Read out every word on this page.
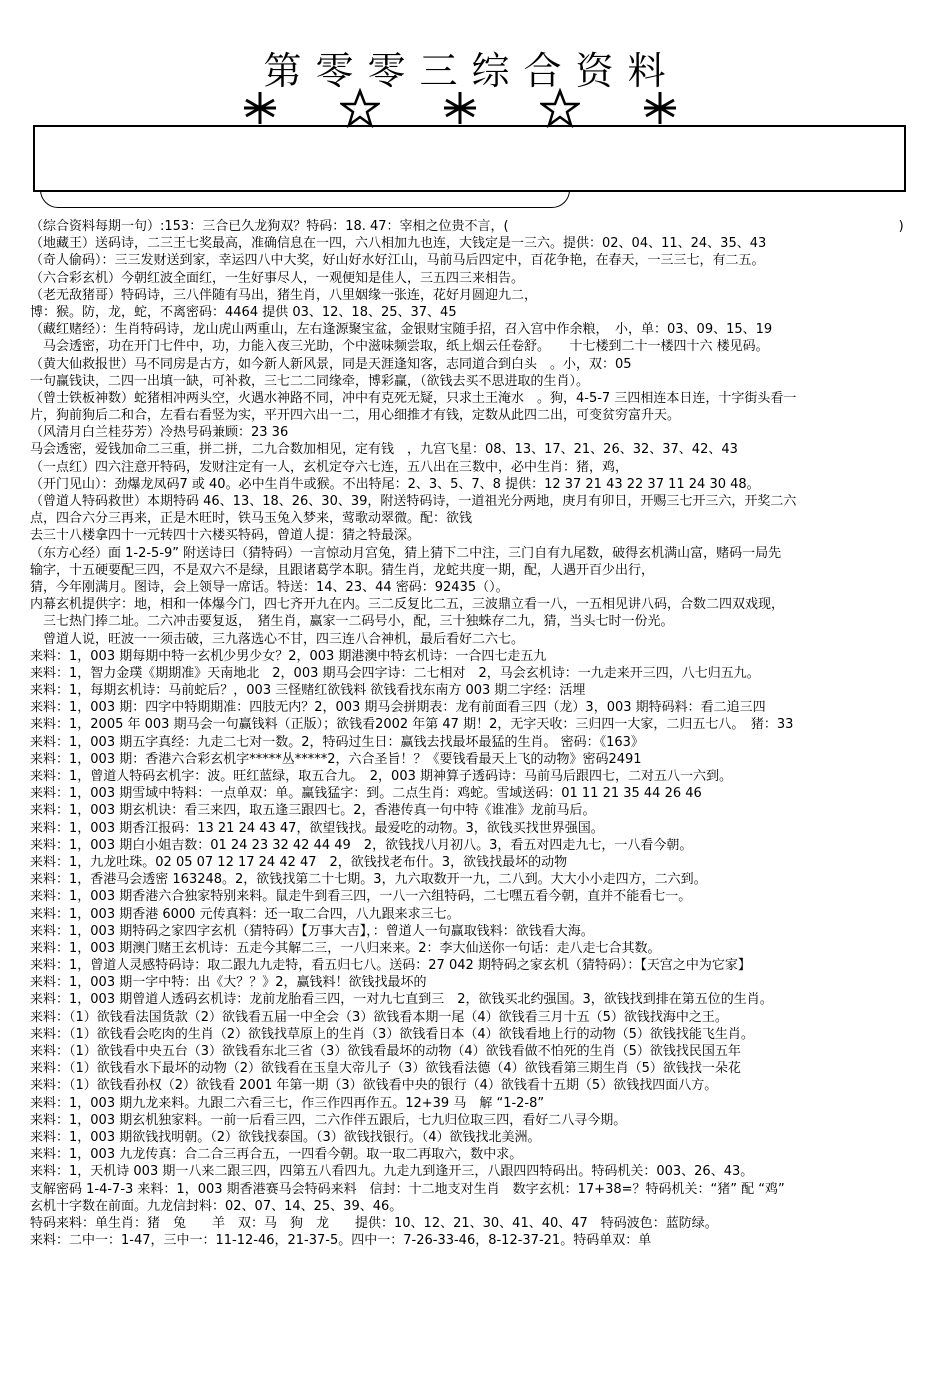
第零零三综合资料
（综合资料每期一句）:153：三合已久龙狗双？特码：18. 47：宰相之位贵不言，(　　　　　　　　　　　　　　　　　　　　　　　　　　　　　　)
（地藏王）送码诗，二三王七奖最高，准确信息在一四，六八相加九也连，大钱定是一三六。提供：02、04、11、24、35、43
（奇人偷码）：三三发财送到家，幸运四八中大奖，好山好水好江山，马前马后四定中，百花争艳，在春天，一三三七，有二五。
（六合彩玄机）今朝红波全面红，一生好事尽人，一观便知是佳人，三五四三来相告。
（老无敌猪哥）特码诗，三八伴随有马出，猪生肖，八里姻缘一张连，花好月圆迎九二，
博：猴。防，龙，蛇，不离密码：4464 提供 03、12、18、25、37、45
（藏红赌经）：生肖特码诗，龙山虎山两重山，左右逢源聚宝盆，金银财宝随手招，召入宫中作余粮，　小，单：03、09、15、19
　马会透密，功在开门七件中，功，力能入夜三光助，个中滋味频尝取，纸上烟云任卷舒。　　十七楼到二十一楼四十六 楼见码。
（黄大仙救报世）马不同房是古方，如今新人新风景，同是天涯逢知客，志同道合到白头　。小，双：05
一句赢钱诀，二四一出填一缺，可补救，三七二二同缘牵，博彩赢，（欲钱去买不思进取的生肖）。
（曾士铁板神数）蛇猪相冲两头空，火遇水神路不同，冲中有克死无疑，只求土王淹水　。狗，4-5-7 三四相连本日连，十字街头看一
片，狗前狗后二和合，左看右看竖为实，平开四六出一二，用心细推才有钱，定数从此四二出，可变贫穷富升天。
（风清月白兰桂芬芳）冷热号码兼顾：23 36
马会透密，爱钱加命二三重，拼二拼，二九合数加相见，定有钱　，九宫飞星：08、13、17、21、26、32、37、42、43
（一点红）四六注意开特码，发财注定有一人，玄机定夺六七连，五八出在三数中，必中生肖：猪，鸡，
（开门见山）：劲爆龙凤码7 或 40。必中生肖牛或猴。不出特尾：2、3、5、7、8 提供：12 37 21 43 22 37 11 24 30 48。
（曾道人特码救世）本期特码 46、13、18、26、30、39，附送特码诗，一道祖光分两地，庚月有卯日，开赐三七开三六，开奖二六
点，四合六分三再来，正是木旺时，铁马玉兔入梦来，莺歌动翠微。配：欲钱
去三十八楼拿四十一元转四十六楼买特码，曾道人提：猜之特最深。
（东方心经）面 1-2-5-9” 附送诗曰（猜特码）一言惊动月宫兔，猜上猜下二中注，三门自有九尾数，破得玄机满山富，赌码一局先
输字，十五硬要配三四，不是双六不是绿，且跟诸葛学本职。猜生肖，龙蛇共度一期，配，人遇开百少出行，
猜，今年刚满月。图诗，会上领导一席话。特送：14、23、44 密码：92435（）。
内幕玄机提供字：地，相和一体爆今门，四七齐开九在内。三二反复比二五，三波鼎立看一八，一五相见讲八码，合数二四双戏现，
　三七热门捧二址。二六冲击要复返，　猪生肖，赢家一二码号小，配，三十独蛛存二九，猜，当头七时一份光。
　曾道人说，旺波一一须击破，三九落选心不甘，四三连八合神机，最后看好二六七。
来料：1，003 期每期中特一玄机少男少女？2，003 期港澳中特玄机诗：一合四七走五九
来料：1，智力金璞《期期准》天南地北　2，003 期马会四字诗：二七相对　2，马会玄机诗：一九走来开三四，八七归五九。
来料：1，每期玄机诗：马前蛇后？，003 三怪赌红欲钱料 欲钱看找东南方 003 期二字经：活埋
来料：1，003 期：四字中特期期准：四肢无内？2，003 期马会拼期表：龙有前面看三四（龙）3，003 期特码料：看二追三四
来料：1，2005 年 003 期马会一句赢钱料（正版）；欲钱看2002 年第 47 期！2，无字天收：三归四一大家，二归五七八。　猪：33
来料：1，003 期五字真经：九走二七对一数。2，特码过生日：赢钱去找最坏最猛的生肖。 密码：《163》
来料：1，003 期：香港六合彩玄机字*****丛*****2，六合圣旨！？《要钱看最天上飞的动物》密码2491
来料：1，曾道人特码玄机字：波。旺红蓝绿，取五合九。　2，003 期神算子透码诗：马前马后跟四七，二对五八一六到。
来料：1，003 期雪域中特料：一点单双：单。赢钱猛字：到。二点生肖：鸡蛇。雪域送码：01 11 21 35 44 26 46
来料：1，003 期玄机诀：看三来四，取五逢三跟四七。2，香港传真一句中特《谁准》龙前马后。
来料：1，003 期香江报码：13 21 24 43 47，欲望钱找。最爱吃的动物。3，欲钱买找世界强国。
来料：1，003 期白小姐吉数：01 24 23 32 42 44 49　2，欲钱找八月初八。3，看五对四走九七，一八看今朝。
来料：1，九龙吐珠。02 05 07 12 17 24 42 47　2，欲钱找老布什。3，欲钱找最坏的动物
来料：1，香港马会透密 163248。2，欲钱找第二十七期。3，九六取数开一九，二八到。大大小小走四方，二六到。
来料：1，003 期香港六合独家特别来料。鼠走牛到看三四，一八一六组特码，二七嘿五看今朝，直并不能看七一。
来料：1，003 期香港 6000 元传真料：还一取二合四，八九跟来求三七。
来料：1，003 期特码之家四字玄机（猜特码）【万事大吉】，：曾道人一句赢取钱料：欲钱看大海。
来料：1，003 期澳门赌王玄机诗：五走今其解二三，一八归来来。2：李大仙送你一句话：走八走七合其数。
来料：1，曾道人灵感特码诗：取二跟九九走特，看五归七八。送码：27 042 期特码之家玄机（猜特码）：【天宫之中为它家】
来料：1，003 期一字中特：出《大？？》2，赢钱料！欲钱找最坏的
来料：1，003 期曾道人透码玄机诗：龙前龙胎看三四，一对九七直到三　2，欲钱买北约强国。3，欲钱找到排在第五位的生肖。
来料：（1）欲钱看法国货款（2）欲钱看五届一中全会（3）欲钱看本期一尾（4）欲钱看三月十五（5）欲钱找海中之王。
来料：（1）欲钱看会吃肉的生肖（2）欲钱找草原上的生肖（3）欲钱看日本（4）欲钱看地上行的动物（5）欲钱找能飞生肖。
来料：（1）欲钱看中央五台（3）欲钱看东北三省（3）欲钱看最坏的动物（4）欲钱看做不怕死的生肖（5）欲钱找民国五年
来料：（1）欲钱看水下最坏的动物（2）欲钱看在玉皇大帝儿子（3）欲钱看法德（4）欲钱看第三期生肖（5）欲钱找一朵花
来料：（1）欲钱看孙权（2）欲钱看 2001 年第一期（3）欲钱看中央的银行（4）欲钱看十五期（5）欲钱找四面八方。
来料：1，003 期九龙来料。九跟二六看三七，作三作四再作五。12+39 马　解 “1-2-8”
来料：1，003 期玄机独家料。一前一后看三四，二六作伴五跟后，七九归位取三四，看好二八寻今期。
来料：1，003 期欲钱找明朝。（2）欲钱找泰国。（3）欲钱找银行。（4）欲钱找北美洲。
来料：1，003 九龙传真：合二合三再合五，一四看今朝。取一取二再取六，数中求。
来料：1，天机诗 003 期一八来二跟三四，四第五八看四九。九走九到逢开三，八跟四四特码出。特码机关：003、26、43。
支解密码 1-4-7-3 来料：1，003 期香港赛马会特码来料　信封：十二地支对生肖　数字玄机：17+38=？特码机关：“猪” 配 “鸡”
玄机十字数在前面。九龙信封料：02、07、14、25、39、46。
特码来料：单生肖：猪　兔　　羊　双：马　狗　龙　　提供：10、12、21、30、41、40、47　特码波色：蓝防绿。
来料：二中一：1-47，三中一：11-12-46，21-37-5。四中一：7-26-33-46，8-12-37-21。特码单双：单
